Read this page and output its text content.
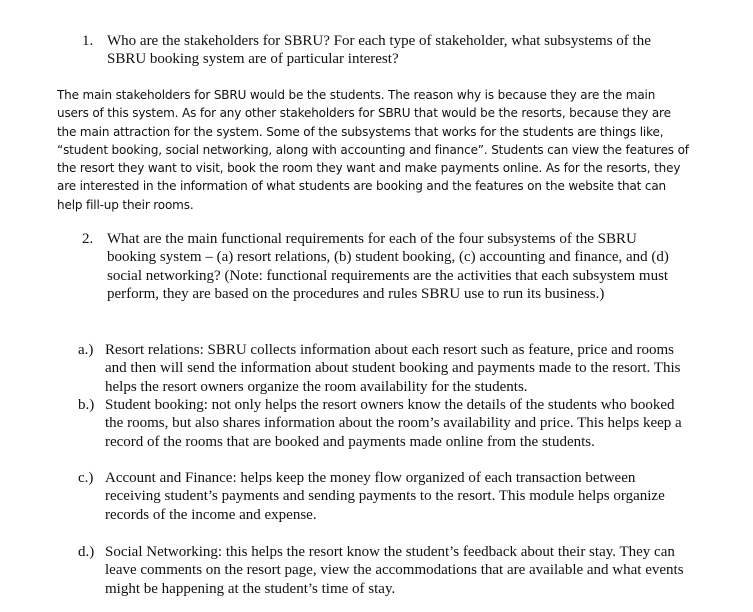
1. Who are the stakeholders for SBRU? For each type of stakeholder, what subsystems of the SBRU booking system are of particular interest?
The main stakeholders for SBRU would be the students. The reason why is because they are the main users of this system. As for any other stakeholders for SBRU that would be the resorts, because they are the main attraction for the system. Some of the subsystems that works for the students are things like, “student booking, social networking, along with accounting and finance”. Students can view the features of the resort they want to visit, book the room they want and make payments online. As for the resorts, they are interested in the information of what students are booking and the features on the website that can help fill-up their rooms.
2. What are the main functional requirements for each of the four subsystems of the SBRU booking system – (a) resort relations, (b) student booking, (c) accounting and finance, and (d) social networking? (Note: functional requirements are the activities that each subsystem must perform, they are based on the procedures and rules SBRU use to run its business.)
a.) Resort relations: SBRU collects information about each resort such as feature, price and rooms and then will send the information about student booking and payments made to the resort. This helps the resort owners organize the room availability for the students.
b.) Student booking: not only helps the resort owners know the details of the students who booked the rooms, but also shares information about the room’s availability and price. This helps keep a record of the rooms that are booked and payments made online from the students.
c.) Account and Finance: helps keep the money flow organized of each transaction between receiving student’s payments and sending payments to the resort. This module helps organize records of the income and expense.
d.) Social Networking: this helps the resort know the student’s feedback about their stay. They can leave comments on the resort page, view the accommodations that are available and what events might be happening at the student’s time of stay.
